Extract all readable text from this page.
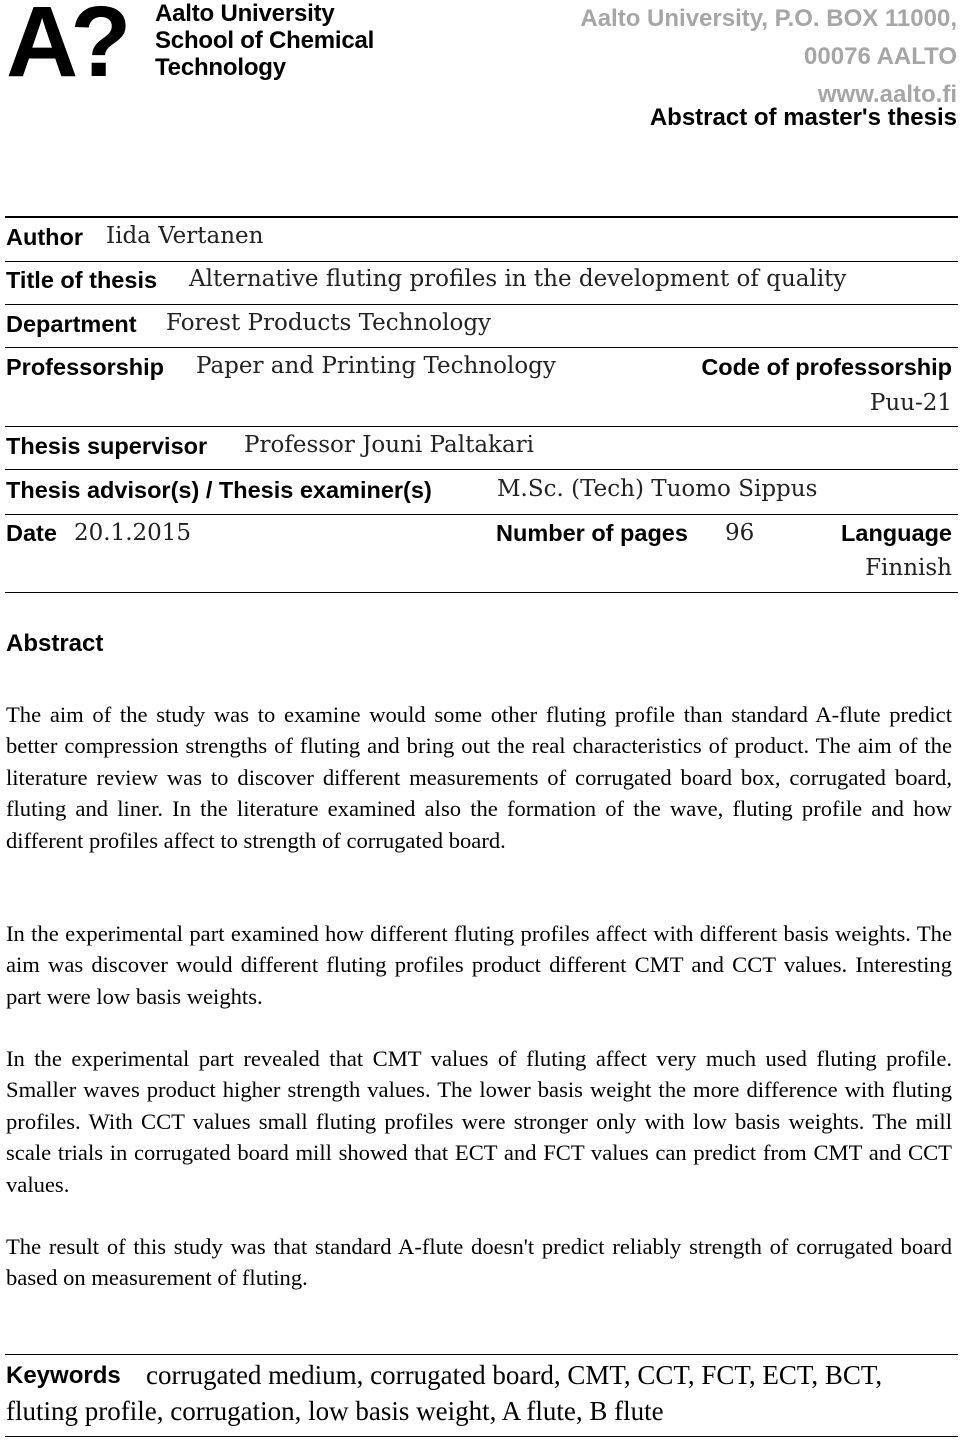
A? Aalto University
School of Chemical
Technology
Aalto University, P.O. BOX 11000,
00076 AALTO
www.aalto.fi
Abstract of master's thesis
Author Iida Vertanen
Title of thesis Alternative fluting profiles in the development of quality
Department Forest Products Technology
Professorship Paper and Printing Technology	Code of professorship
Puu-21
Thesis supervisor Professor Jouni Paltakari
Thesis advisor(s) / Thesis examiner(s)	M.Sc. (Tech) Tuomo Sippus
Date 20.1.2015	Number of pages 96	Language
Finnish
Abstract

The aim of the study was to examine would some other fluting profile than standard A-flute predict better compression strengths of fluting and bring out the real characteristics of product. The aim of the literature review was to discover different measurements of corrugated board box, corrugated board, fluting and liner. In the literature examined also the formation of the wave, fluting profile and how different profiles affect to strength of corrugated board.

In the experimental part examined how different fluting profiles affect with different basis weights. The aim was discover would different fluting profiles product different CMT and CCT values. Interesting part were low basis weights.

In the experimental part revealed that CMT values of fluting affect very much used fluting profile. Smaller waves product higher strength values. The lower basis weight the more difference with fluting profiles. With CCT values small fluting profiles were stronger only with low basis weights. The mill scale trials in corrugated board mill showed that ECT and FCT values can predict from CMT and CCT values.

The result of this study was that standard A-flute doesn't predict reliably strength of corrugated board based on measurement of fluting.

Keywords corrugated medium, corrugated board, CMT, CCT, FCT, ECT, BCT,
fluting profile, corrugation, low basis weight, A flute, B flute
